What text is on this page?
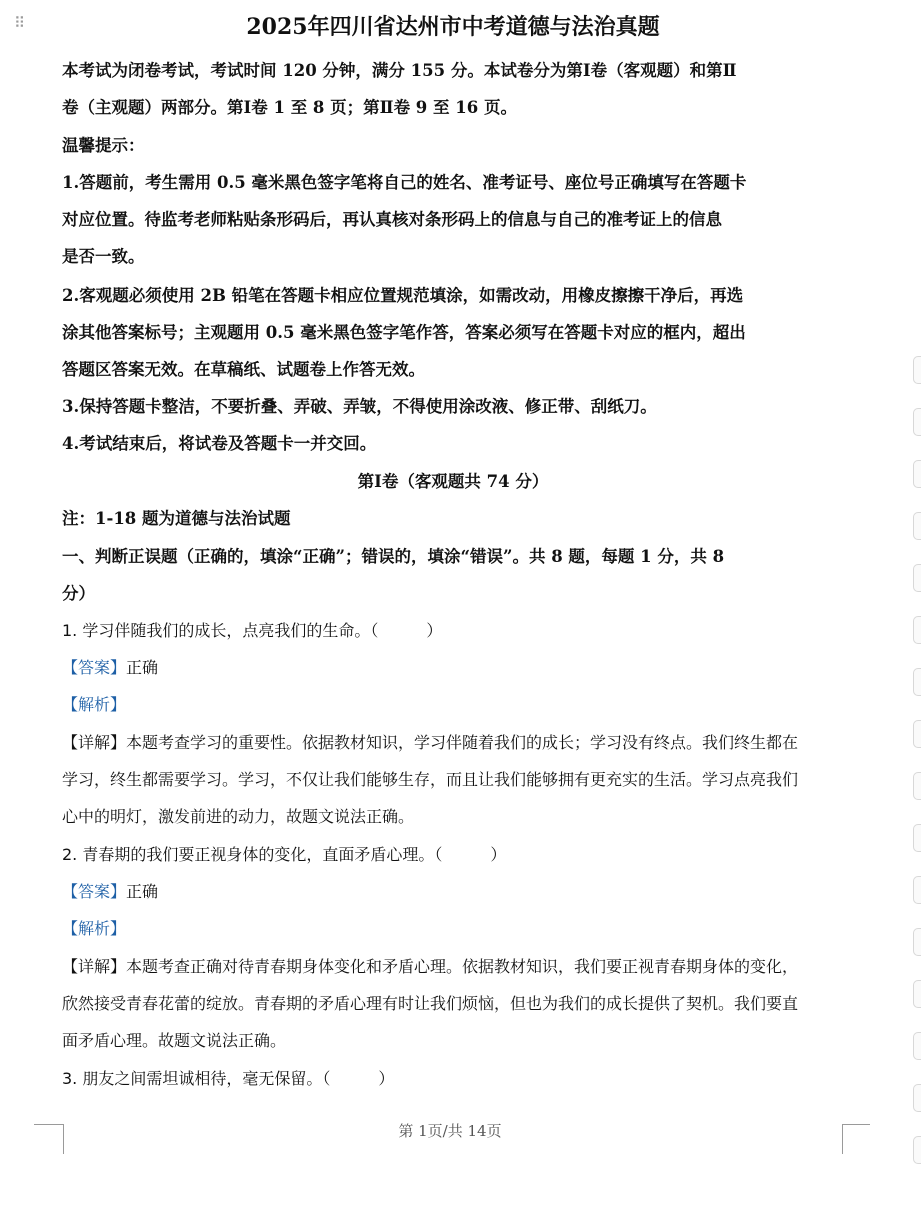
⠿	2025年四川省达州市中考道德与法治真题
本考试为闭卷考试，考试时间 120 分钟，满分 155 分。本试卷分为第Ⅰ卷（客观题）和第Ⅱ
卷（主观题）两部分。第Ⅰ卷 1 至 8 页；第Ⅱ卷 9 至 16 页。
温馨提示：
1.答题前，考生需用 0.5 毫米黑色签字笔将自己的姓名、准考证号、座位号正确填写在答题卡
对应位置。待监考老师粘贴条形码后，再认真核对条形码上的信息与自己的准考证上的信息
是否一致。
2.客观题必须使用 2B 铅笔在答题卡相应位置规范填涂，如需改动，用橡皮擦擦干净后，再选
涂其他答案标号；主观题用 0.5 毫米黑色签字笔作答，答案必须写在答题卡对应的框内，超出
答题区答案无效。在草稿纸、试题卷上作答无效。
3.保持答题卡整洁，不要折叠、弄破、弄皱，不得使用涂改液、修正带、刮纸刀。
4.考试结束后，将试卷及答题卡一并交回。
第Ⅰ卷（客观题共 74 分）
注：1-18 题为道德与法治试题
一、判断正误题（正确的，填涂“正确”；错误的，填涂“错误”。共 8 题，每题 1 分，共 8
分）
1. 学习伴随我们的成长，点亮我们的生命。（	）
【答案】正确
【解析】
【详解】本题考查学习的重要性。依据教材知识，学习伴随着我们的成长；学习没有终点。我们终生都在
学习，终生都需要学习。学习，不仅让我们能够生存，而且让我们能够拥有更充实的生活。学习点亮我们
心中的明灯，激发前进的动力，故题文说法正确。
2. 青春期的我们要正视身体的变化，直面矛盾心理。（	）
【答案】正确
【解析】
【详解】本题考查正确对待青春期身体变化和矛盾心理。依据教材知识，我们要正视青春期身体的变化，
欣然接受青春花蕾的绽放。青春期的矛盾心理有时让我们烦恼，但也为我们的成长提供了契机。我们要直
面矛盾心理。故题文说法正确。
3. 朋友之间需坦诚相待，毫无保留。（	）
第 1页/共 14页
